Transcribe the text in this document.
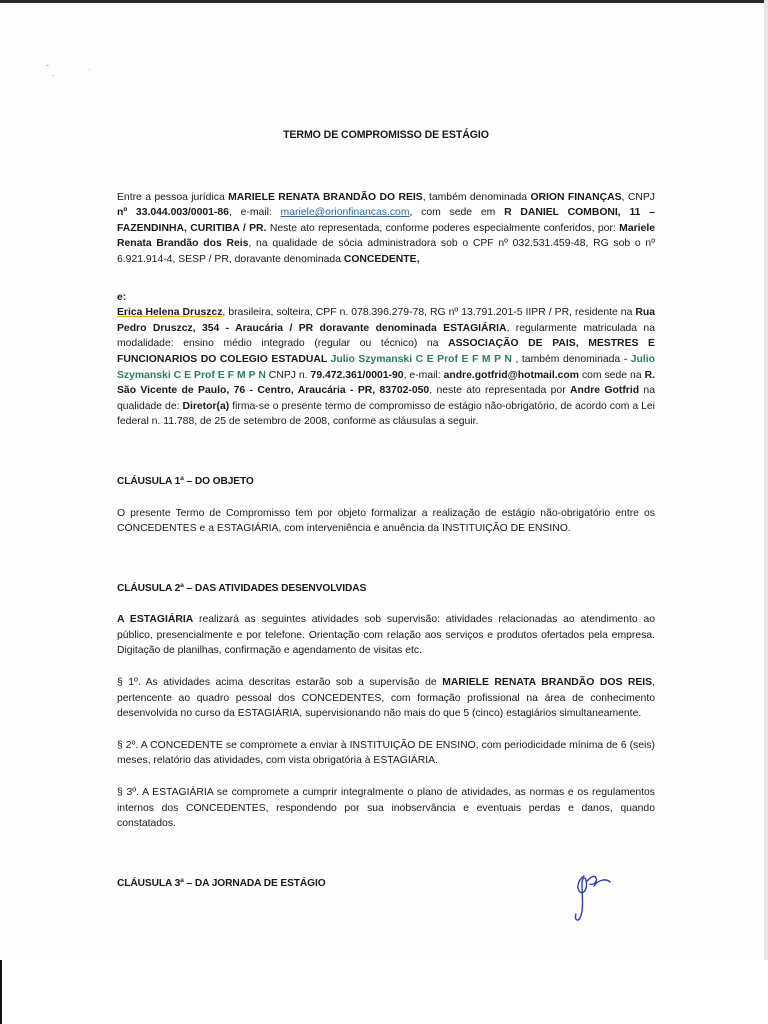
-
·	˙
TERMO DE COMPROMISSO DE ESTÁGIO

Entre a pessoa jurídica MARIELE RENATA BRANDÃO DO REIS, também denominada ORION FINANÇAS, CNPJ nº 33.044.003/0001-86, e-mail: mariele@orionfinancas.com, com sede em R DANIEL COMBONI, 11 – FAZENDINHA, CURITIBA / PR. Neste ato representada, conforme poderes especialmente conferidos, por: Mariele Renata Brandão dos Reis, na qualidade de sócia administradora sob o CPF nº 032.531.459-48, RG sob o nº 6.921.914-4, SESP / PR, doravante denominada CONCEDENTE,

e:

Erica Helena Druszcz, brasileira, solteira, CPF n. 078.396.279-78, RG nº 13.791.201-5 IIPR / PR, residente na Rua Pedro Druszcz, 354 - Araucária / PR doravante denominada ESTAGIÁRIA, regularmente matriculada na modalidade: ensino médio integrado (regular ou técnico) na ASSOCIAÇÃO DE PAIS, MESTRES E FUNCIONARIOS DO COLEGIO ESTADUAL Julio Szymanski C E Prof E F M P N , também denominada - Julio Szymanski C E Prof E F M P N CNPJ n. 79.472.361/0001-90, e-mail: andre.gotfrid@hotmail.com com sede na R. São Vicente de Paulo, 76 - Centro, Araucária - PR, 83702-050, neste ato representada por Andre Gotfrid na qualidade de: Diretor(a) firma-se o presente termo de compromisso de estágio não-obrigatório, de acordo com a Lei federal n. 11.788, de 25 de setembro de 2008, conforme as cláusulas a seguir.

CLÁUSULA 1ª – DO OBJETO

O presente Termo de Compromisso tem por objeto formalizar a realização de estágio não-obrigatório entre os CONCEDENTES e a ESTAGIÁRIA, com interveniência e anuência da INSTITUIÇÃO DE ENSINO.

CLÁUSULA 2ª – DAS ATIVIDADES DESENVOLVIDAS

A ESTAGIÁRIA realizará as seguintes atividades sob supervisão: atividades relacionadas ao atendimento ao público, presencialmente e por telefone. Orientação com relação aos serviços e produtos ofertados pela empresa. Digitação de planilhas, confirmação e agendamento de visitas etc.

§ 1º. As atividades acima descritas estarão sob a supervisão de MARIELE RENATA BRANDÃO DOS REIS, pertencente ao quadro pessoal dos CONCEDENTES, com formação profissional na área de conhecimento desenvolvida no curso da ESTAGIÁRIA, supervisionando não mais do que 5 (cinco) estagiários simultaneamente.

§ 2º. A CONCEDENTE se compromete a enviar à INSTITUIÇÃO DE ENSINO, com periodicidade mínima de 6 (seis) meses, relatório das atividades, com vista obrigatória à ESTAGIÁRIA.

§ 3º. A ESTAGIÁRIA se compromete a cumprir integralmente o plano de atividades, as normas e os regulamentos internos dos CONCEDENTES, respondendo por sua inobservância e eventuais perdas e danos, quando constatados.

CLÁUSULA 3ª – DA JORNADA DE ESTÁGIO
